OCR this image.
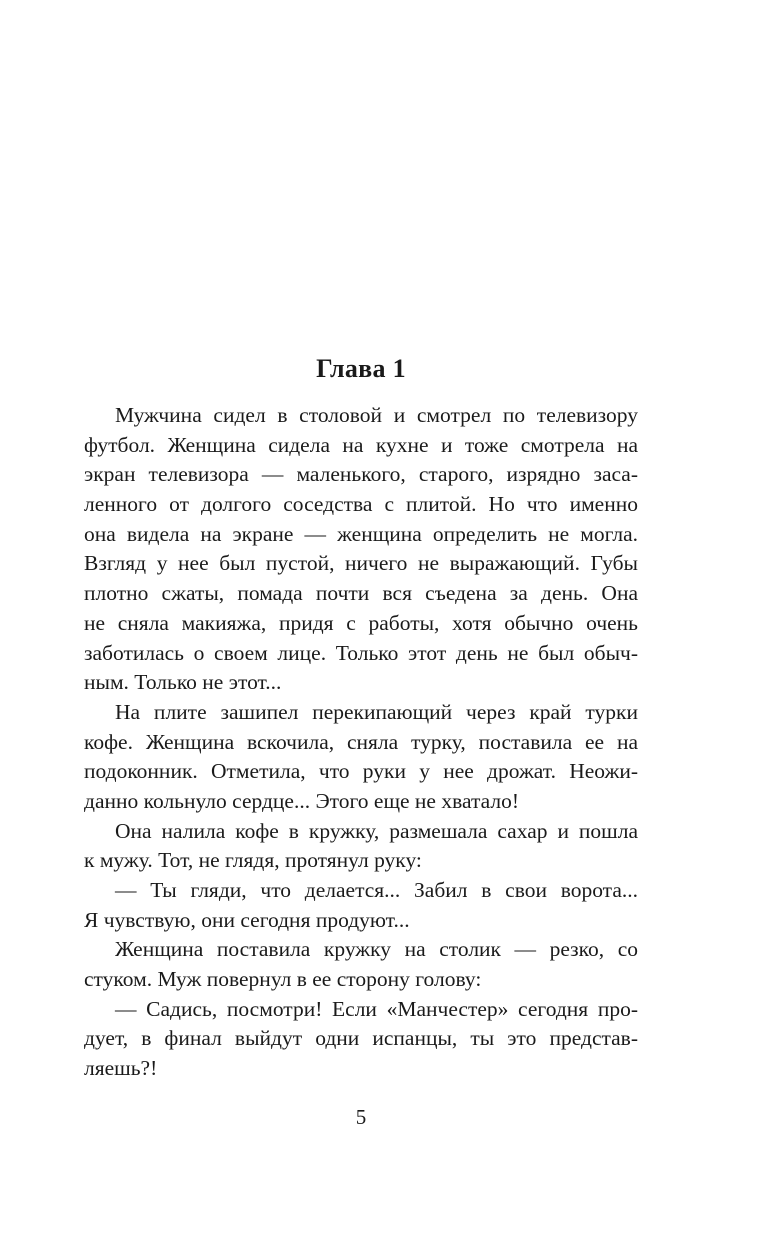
Глава 1
Мужчина сидел в столовой и смотрел по телевизору
футбол. Женщина сидела на кухне и тоже смотрела на
экран телевизора — маленького, старого, изрядно заса-
ленного от долгого соседства с плитой. Но что именно
она видела на экране — женщина определить не могла.
Взгляд у нее был пустой, ничего не выражающий. Губы
плотно сжаты, помада почти вся съедена за день. Она
не сняла макияжа, придя с работы, хотя обычно очень
заботилась о своем лице. Только этот день не был обыч-
ным. Только не этот...
На плите зашипел перекипающий через край турки
кофе. Женщина вскочила, сняла турку, поставила ее на
подоконник. Отметила, что руки у нее дрожат. Неожи-
данно кольнуло сердце... Этого еще не хватало!
Она налила кофе в кружку, размешала сахар и пошла
к мужу. Тот, не глядя, протянул руку:
— Ты гляди, что делается... Забил в свои ворота...
Я чувствую, они сегодня продуют...
Женщина поставила кружку на столик — резко, со
стуком. Муж повернул в ее сторону голову:
— Садись, посмотри! Если «Манчестер» сегодня про-
дует, в финал выйдут одни испанцы, ты это представ-
ляешь?!
5
